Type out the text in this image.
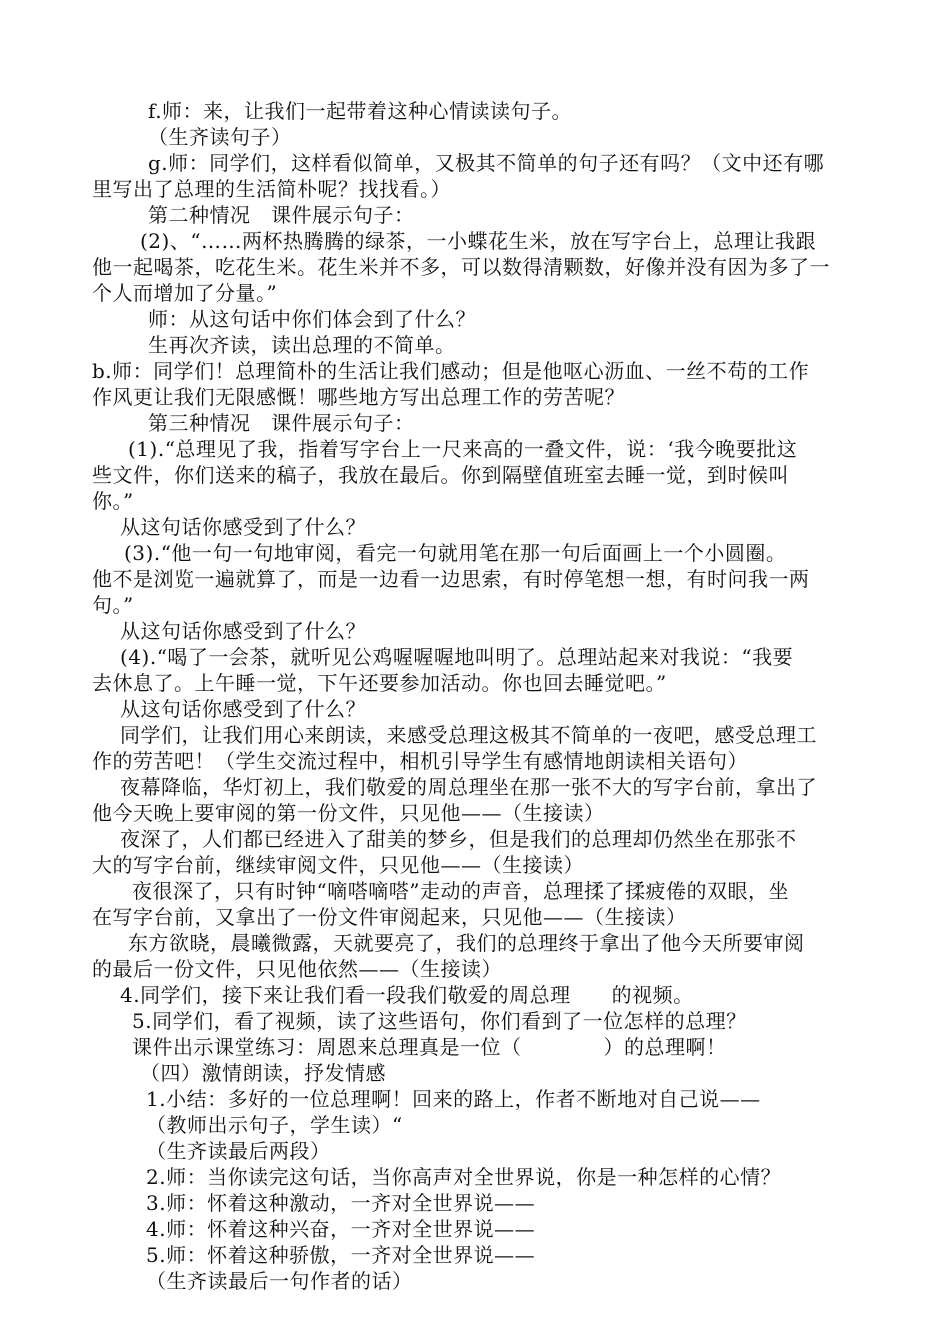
f.师：来，让我们一起带着这种心情读读句子。
（生齐读句子）
g.师：同学们，这样看似简单，又极其不简单的句子还有吗？（文中还有哪
里写出了总理的生活简朴呢？找找看。）
第二种情况　课件展示句子：
(2)、“……两杯热腾腾的绿茶，一小蝶花生米，放在写字台上，总理让我跟
他一起喝茶，吃花生米。花生米并不多，可以数得清颗数，好像并没有因为多了一
个人而增加了分量。”
师：从这句话中你们体会到了什么？
生再次齐读，读出总理的不简单。
b.师：同学们！总理简朴的生活让我们感动；但是他呕心沥血、一丝不苟的工作
作风更让我们无限感慨！哪些地方写出总理工作的劳苦呢？
第三种情况　课件展示句子：
(1).“总理见了我，指着写字台上一尺来高的一叠文件，说：‘我今晚要批这
些文件，你们送来的稿子，我放在最后。你到隔壁值班室去睡一觉，到时候叫
你。”
从这句话你感受到了什么？
(3).“他一句一句地审阅，看完一句就用笔在那一句后面画上一个小圆圈。
他不是浏览一遍就算了，而是一边看一边思索，有时停笔想一想，有时问我一两
句。”
从这句话你感受到了什么？
(4).“喝了一会茶，就听见公鸡喔喔喔地叫明了。总理站起来对我说：“我要
去休息了。上午睡一觉，下午还要参加活动。你也回去睡觉吧。”
从这句话你感受到了什么？
同学们，让我们用心来朗读，来感受总理这极其不简单的一夜吧，感受总理工
作的劳苦吧！（学生交流过程中，相机引导学生有感情地朗读相关语句）
夜幕降临，华灯初上，我们敬爱的周总理坐在那一张不大的写字台前，拿出了
他今天晚上要审阅的第一份文件，只见他——（生接读）
夜深了，人们都已经进入了甜美的梦乡，但是我们的总理却仍然坐在那张不
大的写字台前，继续审阅文件，只见他——（生接读）
夜很深了，只有时钟“嘀嗒嘀嗒”走动的声音，总理揉了揉疲倦的双眼，坐
在写字台前，又拿出了一份文件审阅起来，只见他——（生接读）
东方欲晓，晨曦微露，天就要亮了，我们的总理终于拿出了他今天所要审阅
的最后一份文件，只见他依然——（生接读）
4.同学们，接下来让我们看一段我们敬爱的周总理　　的视频。
5.同学们，看了视频，读了这些语句，你们看到了一位怎样的总理？
课件出示课堂练习：周恩来总理真是一位（　　　　）的总理啊！
（四）激情朗读，抒发情感
1.小结：多好的一位总理啊！回来的路上，作者不断地对自己说——
（教师出示句子，学生读）“
（生齐读最后两段）
2.师：当你读完这句话，当你高声对全世界说，你是一种怎样的心情？
3.师：怀着这种激动，一齐对全世界说——
4.师：怀着这种兴奋，一齐对全世界说——
5.师：怀着这种骄傲，一齐对全世界说——
（生齐读最后一句作者的话）
